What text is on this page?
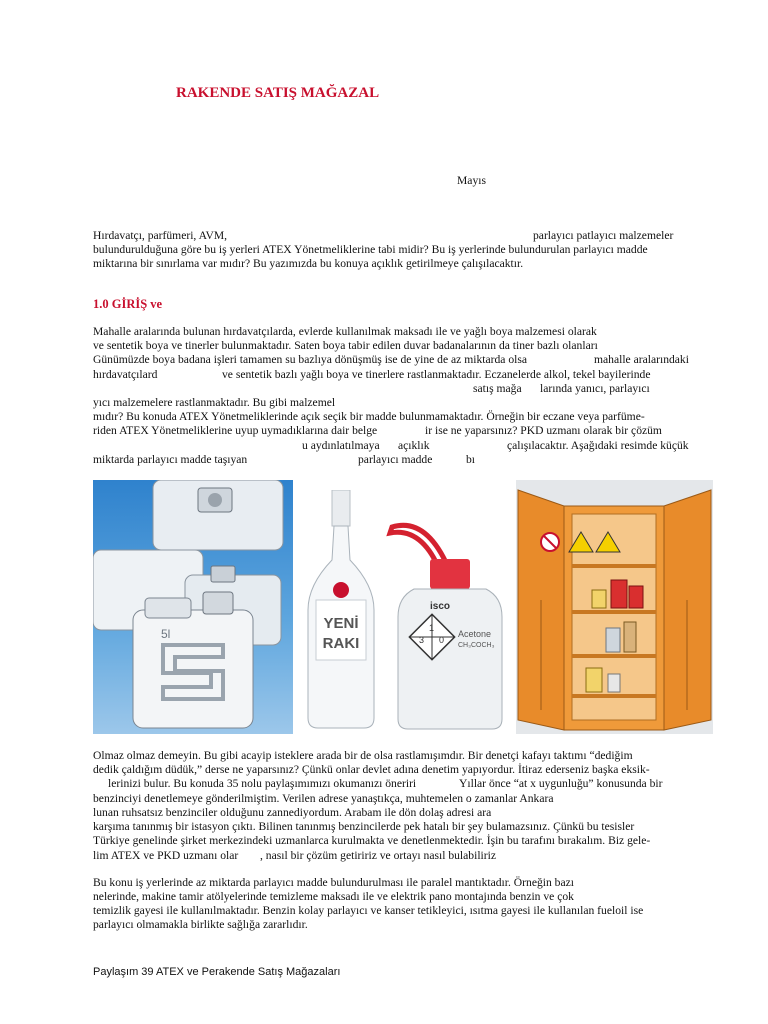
RAKENDE SATIŞ MAĞAZAL
Mayıs
Hırdavatçı, parfümeri, AVM,	parlayıcı patlayıcı malzemeler
bulundurulduğuna göre bu iş yerleri ATEX Yönetmeliklerine tabi midir? Bu iş yerlerinde bulundurulan parlayıcı madde
miktarına bir sınırlama var mıdır? Bu yazımızda bu konuya açıklık getirilmeye çalışılacaktır.
1.0 GİRİŞ ve
Mahalle aralarında bulunan hırdavatçılarda, evlerde kullanılmak maksadı ile ve yağlı boya malzemesi olarak
ve sentetik boya ve tinerler bulunmaktadır. Saten boya tabir edilen duvar badanalarının da tiner bazlı olanları
Günümüzde boya badana işleri tamamen su bazlıya dönüşmüş ise de yine de az miktarda olsa	mahalle aralarındaki
hırdavatçılard	ve sentetik bazlı yağlı boya ve tinerlere rastlanmaktadır. Eczanelerde alkol, tekel bayilerinde
satış mağa larında yanıcı, parlayıcı
yıcı malzemelere rastlanmaktadır. Bu gibi malzemel
mıdır? Bu konuda ATEX Yönetmeliklerinde açık seçik bir madde bulunmamaktadır. Örneğin bir eczane veya parfüme-
riden ATEX Yönetmeliklerine uyup uymadıklarına dair belge	ir ise ne yaparsınız? PKD uzmanı olarak bir çözüm
u aydınlatılmaya açıklık	çalışılacaktır. Aşağıdaki resimde küçük
miktarda parlayıcı madde taşıyan	parlayıcı madde	bı
5l
YENİ
RAKI
isco
1
3 0
Acetone
CH₃COCH₃
Olmaz olmaz demeyin. Bu gibi acayip isteklere arada bir de olsa rastlamışımdır. Bir denetçi kafayı taktımı “dediğim
dedik çaldığım düdük,” derse ne yaparsınız? Çünkü onlar devlet adına denetim yapıyordur. İtiraz ederseniz başka eksik-
lerinizi bulur. Bu konuda 35 nolu paylaşımımızı okumanızı öneriri	Yıllar önce “at x uygunluğu” konusunda bir
benzinciyi denetlemeye gönderilmiştim. Verilen adrese yanaştıkça, muhtemelen o zamanlar Ankara
lunan ruhsatsız benzinciler olduğunu zannediyordum. Arabam ile dön dolaş adresi ara
karşıma tanınmış bir istasyon çıktı. Bilinen tanınmış benzincilerde pek hatalı bir şey bulamazsınız. Çünkü bu tesisler
Türkiye genelinde şirket merkezindeki uzmanlarca kurulmakta ve denetlenmektedir. İşin bu tarafını bırakalım. Biz gele-
lim ATEX ve PKD uzmanı olar , nasıl bir çözüm getiririz ve ortayı nasıl bulabiliriz
Bu konu iş yerlerinde az miktarda parlayıcı madde bulundurulması ile paralel mantıktadır. Örneğin bazı
nelerinde, makine tamir atölyelerinde temizleme maksadı ile ve elektrik pano montajında benzin ve çok
temizlik gayesi ile kullanılmaktadır. Benzin kolay parlayıcı ve kanser tetikleyici, ısıtma gayesi ile kullanılan fueloil ise
parlayıcı olmamakla birlikte sağlığa zararlıdır.
Paylaşım 39 ATEX ve Perakende Satış Mağazaları
